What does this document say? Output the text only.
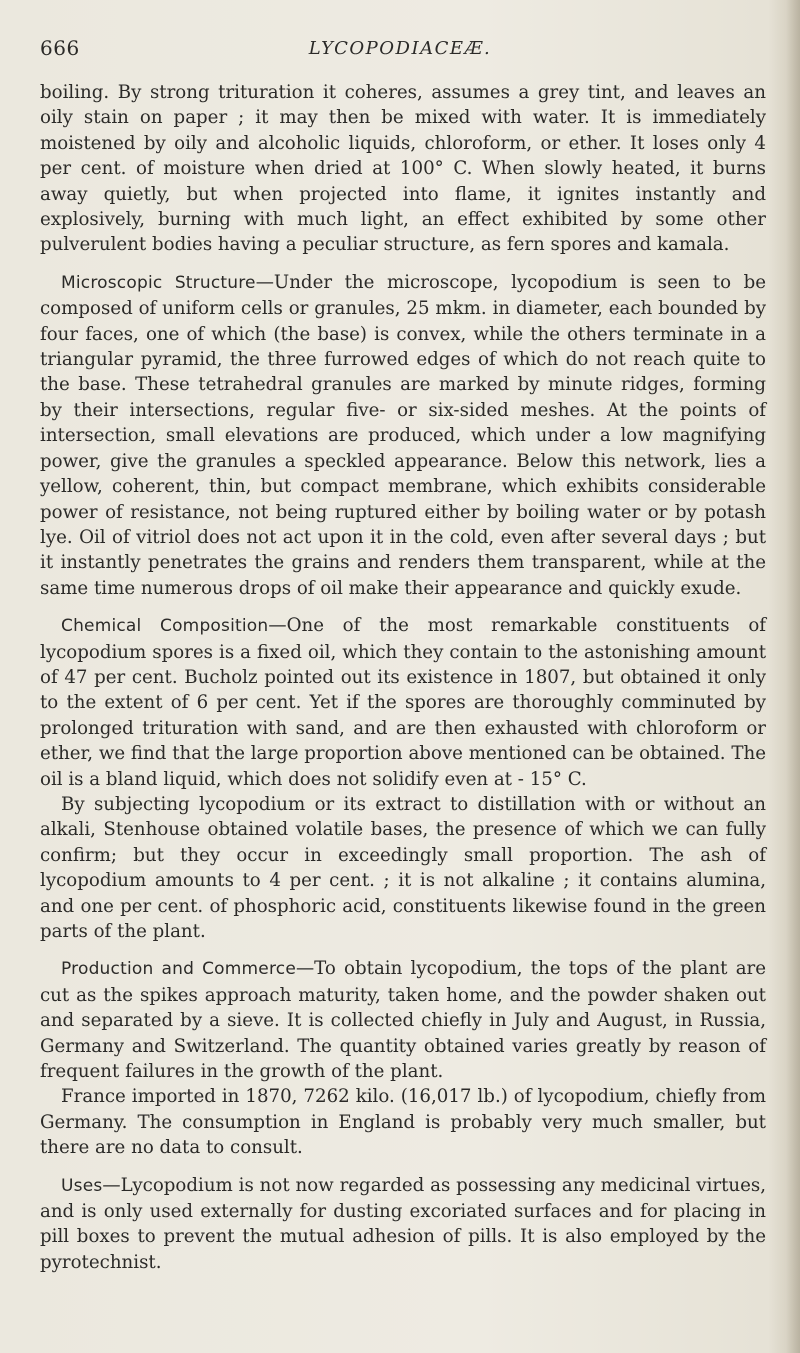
666	LYCOPODIACEÆ.

boiling. By strong trituration it coheres, assumes a grey tint, and leaves an oily stain on paper ; it may then be mixed with water. It is immediately moistened by oily and alcoholic liquids, chloroform, or ether. It loses only 4 per cent. of moisture when dried at 100° C. When slowly heated, it burns away quietly, but when projected into flame, it ignites instantly and explosively, burning with much light, an effect exhibited by some other pulverulent bodies having a peculiar structure, as fern spores and kamala.

Microscopic Structure—Under the microscope, lycopodium is seen to be composed of uniform cells or granules, 25 mkm. in diameter, each bounded by four faces, one of which (the base) is convex, while the others terminate in a triangular pyramid, the three furrowed edges of which do not reach quite to the base. These tetrahedral granules are marked by minute ridges, forming by their intersections, regular five- or six-sided meshes. At the points of intersection, small elevations are produced, which under a low magnifying power, give the granules a speckled appearance. Below this network, lies a yellow, coherent, thin, but compact membrane, which exhibits considerable power of resistance, not being ruptured either by boiling water or by potash lye. Oil of vitriol does not act upon it in the cold, even after several days ; but it instantly penetrates the grains and renders them transparent, while at the same time numerous drops of oil make their appearance and quickly exude.

Chemical Composition—One of the most remarkable constituents of lycopodium spores is a fixed oil, which they contain to the astonishing amount of 47 per cent. Bucholz pointed out its existence in 1807, but obtained it only to the extent of 6 per cent. Yet if the spores are thoroughly comminuted by prolonged trituration with sand, and are then exhausted with chloroform or ether, we find that the large proportion above mentioned can be obtained. The oil is a bland liquid, which does not solidify even at - 15° C.

By subjecting lycopodium or its extract to distillation with or without an alkali, Stenhouse obtained volatile bases, the presence of which we can fully confirm; but they occur in exceedingly small proportion. The ash of lycopodium amounts to 4 per cent. ; it is not alkaline ; it contains alumina, and one per cent. of phosphoric acid, constituents likewise found in the green parts of the plant.

Production and Commerce—To obtain lycopodium, the tops of the plant are cut as the spikes approach maturity, taken home, and the powder shaken out and separated by a sieve. It is collected chiefly in July and August, in Russia, Germany and Switzerland. The quantity obtained varies greatly by reason of frequent failures in the growth of the plant.

France imported in 1870, 7262 kilo. (16,017 lb.) of lycopodium, chiefly from Germany. The consumption in England is probably very much smaller, but there are no data to consult.

Uses—Lycopodium is not now regarded as possessing any medicinal virtues, and is only used externally for dusting excoriated surfaces and for placing in pill boxes to prevent the mutual adhesion of pills. It is also employed by the pyrotechnist.
